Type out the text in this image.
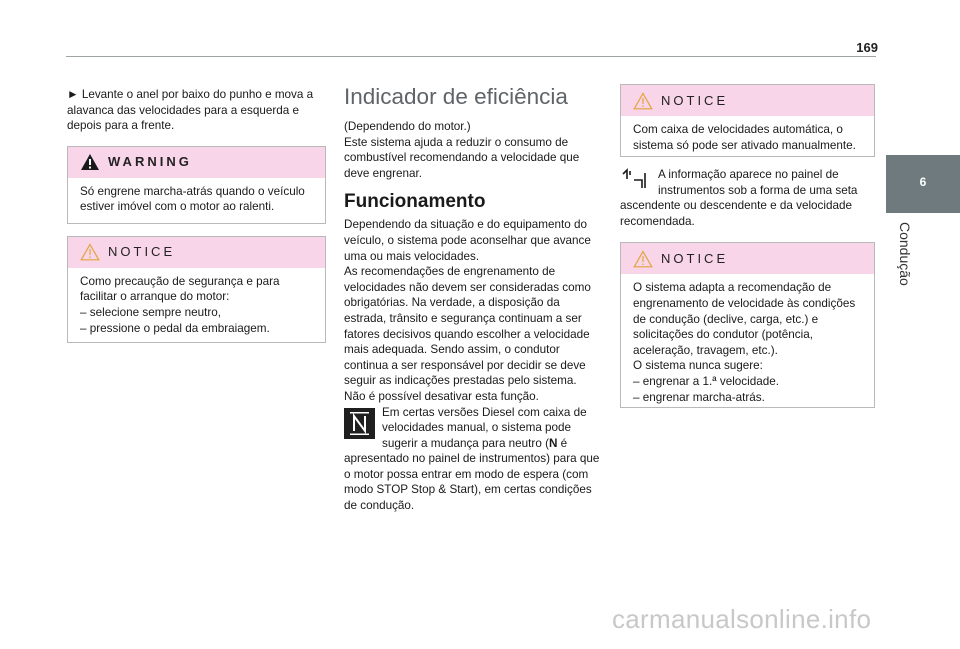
169

► Levante o anel por baixo do punho e mova a alavanca das velocidades para a esquerda e depois para a frente.

WARNING

Só engrene marcha-atrás quando o veículo estiver imóvel com o motor ao ralenti.

NOTICE

Como precaução de segurança e para facilitar o arranque do motor:

– selecione sempre neutro,

– pressione o pedal da embraiagem.

Indicador de eficiência

(Dependendo do motor.)

Este sistema ajuda a reduzir o consumo de combustível recomendando a velocidade que deve engrenar.

Funcionamento

Dependendo da situação e do equipamento do veículo, o sistema pode aconselhar que avance uma ou mais velocidades.

As recomendações de engrenamento de velocidades não devem ser consideradas como obrigatórias. Na verdade, a disposição da estrada, trânsito e segurança continuam a ser fatores decisivos quando escolher a velocidade mais adequada. Sendo assim, o condutor continua a ser responsável por decidir se deve seguir as indicações prestadas pelo sistema.

Não é possível desativar esta função.

Em certas versões Diesel com caixa de velocidades manual, o sistema pode sugerir a mudança para neutro (N é apresentado no painel de instrumentos) para que o motor possa entrar em modo de espera (com modo STOP Stop & Start), em certas condições de condução.

NOTICE

Com caixa de velocidades automática, o sistema só pode ser ativado manualmente.

A informação aparece no painel de instrumentos sob a forma de uma seta ascendente ou descendente e da velocidade recomendada.

NOTICE

O sistema adapta a recomendação de engrenamento de velocidade às condições de condução (declive, carga, etc.) e solicitações do condutor (potência, aceleração, travagem, etc.).

O sistema nunca sugere:

– engrenar a 1.ª velocidade.

– engrenar marcha-atrás.

6
Condução
carmanualsonline.info
